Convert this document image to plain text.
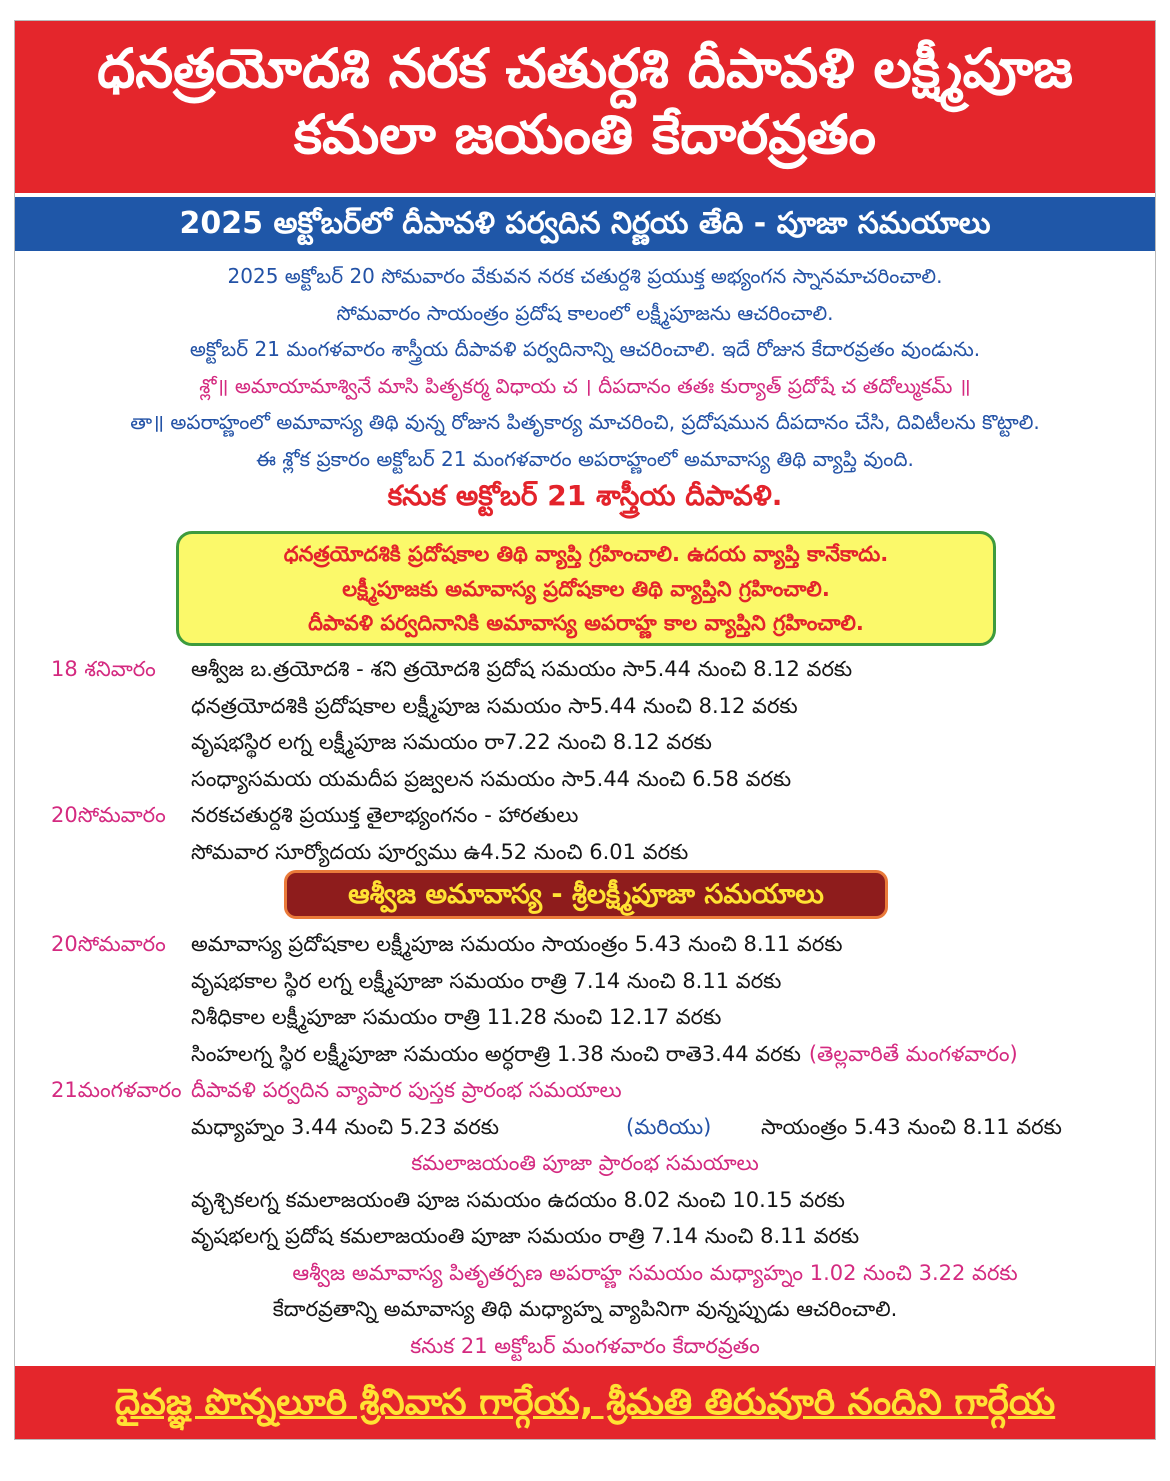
ధనత్రయోదశి నరక చతుర్దశి దీపావళి లక్ష్మీపూజ
కమలా జయంతి కేదారవ్రతం
2025 అక్టోబర్‌లో దీపావళి పర్వదిన నిర్ణయ తేది - పూజా సమయాలు
2025 అక్టోబర్ 20 సోమవారం వేకువన నరక చతుర్దశి ప్రయుక్త అభ్యంగన స్నానమాచరించాలి.
సోమవారం సాయంత్రం ప్రదోష కాలంలో లక్ష్మీపూజను ఆచరించాలి.
అక్టోబర్ 21 మంగళవారం శాస్త్రీయ దీపావళి పర్వదినాన్ని ఆచరించాలి. ఇదే రోజున కేదారవ్రతం వుండును.
శ్లో॥ అమాయామాశ్వినే మాసి పితృకర్మ విధాయ చ । దీపదానం తతః కుర్యాత్ ప్రదోషే చ తదోల్ముకమ్ ॥
తా॥ అపరాహ్ణంలో అమావాస్య తిథి వున్న రోజున పితృకార్య మాచరించి, ప్రదోషమున దీపదానం చేసి, దివిటీలను కొట్టాలి.
ఈ శ్లోక ప్రకారం అక్టోబర్ 21 మంగళవారం అపరాహ్ణంలో అమావాస్య తిథి వ్యాప్తి వుంది.
కనుక అక్టోబర్ 21 శాస్త్రీయ దీపావళి.
ధనత్రయోదశికి ప్రదోషకాల తిథి వ్యాప్తి గ్రహించాలి. ఉదయ వ్యాప్తి కానేకాదు.
లక్ష్మీపూజకు అమావాస్య ప్రదోషకాల తిథి వ్యాప్తిని గ్రహించాలి.
దీపావళి పర్వదినానికి అమావాస్య అపరాహ్ణ కాల వ్యాప్తిని గ్రహించాలి.
18 శనివారం ఆశ్వీజ బ.త్రయోదశి - శని త్రయోదశి ప్రదోష సమయం సా5.44 నుంచి 8.12 వరకు
ధనత్రయోదశికి ప్రదోషకాల లక్ష్మీపూజ సమయం సా5.44 నుంచి 8.12 వరకు
వృషభస్థిర లగ్న లక్ష్మీపూజ సమయం రా7.22 నుంచి 8.12 వరకు
సంధ్యాసమయ యమదీప ప్రజ్వలన సమయం సా5.44 నుంచి 6.58 వరకు
20సోమవారం నరకచతుర్దశి ప్రయుక్త తైలాభ్యంగనం - హారతులు
సోమవార సూర్యోదయ పూర్వము ఉ4.52 నుంచి 6.01 వరకు
ఆశ్వీజ అమావాస్య - శ్రీలక్ష్మీపూజా సమయాలు
20సోమవారం అమావాస్య ప్రదోషకాల లక్ష్మీపూజ సమయం సాయంత్రం 5.43 నుంచి 8.11 వరకు
వృషభకాల స్థిర లగ్న లక్ష్మీపూజా సమయం రాత్రి 7.14 నుంచి 8.11 వరకు
నిశీధికాల లక్ష్మీపూజా సమయం రాత్రి 11.28 నుంచి 12.17 వరకు
సింహలగ్న స్థిర లక్ష్మీపూజా సమయం అర్ధరాత్రి 1.38 నుంచి రాతె3.44 వరకు (తెల్లవారితే మంగళవారం)
21మంగళవారం దీపావళి పర్వదిన వ్యాపార పుస్తక ప్రారంభ సమయాలు
మధ్యాహ్నం 3.44 నుంచి 5.23 వరకు	(మరియు) సాయంత్రం 5.43 నుంచి 8.11 వరకు
కమలాజయంతి పూజా ప్రారంభ సమయాలు
వృశ్చికలగ్న కమలాజయంతి పూజ సమయం ఉదయం 8.02 నుంచి 10.15 వరకు
వృషభలగ్న ప్రదోష కమలాజయంతి పూజా సమయం రాత్రి 7.14 నుంచి 8.11 వరకు
ఆశ్వీజ అమావాస్య పితృతర్పణ అపరాహ్ణ సమయం మధ్యాహ్నం 1.02 నుంచి 3.22 వరకు
కేదారవ్రతాన్ని అమావాస్య తిథి మధ్యాహ్న వ్యాపినిగా వున్నప్పుడు ఆచరించాలి.
కనుక 21 అక్టోబర్ మంగళవారం కేదారవ్రతం
దైవజ్ఞ పొన్నలూరి శ్రీనివాస గార్గేయ, శ్రీమతి తిరువూరి నందిని గార్గేయ
